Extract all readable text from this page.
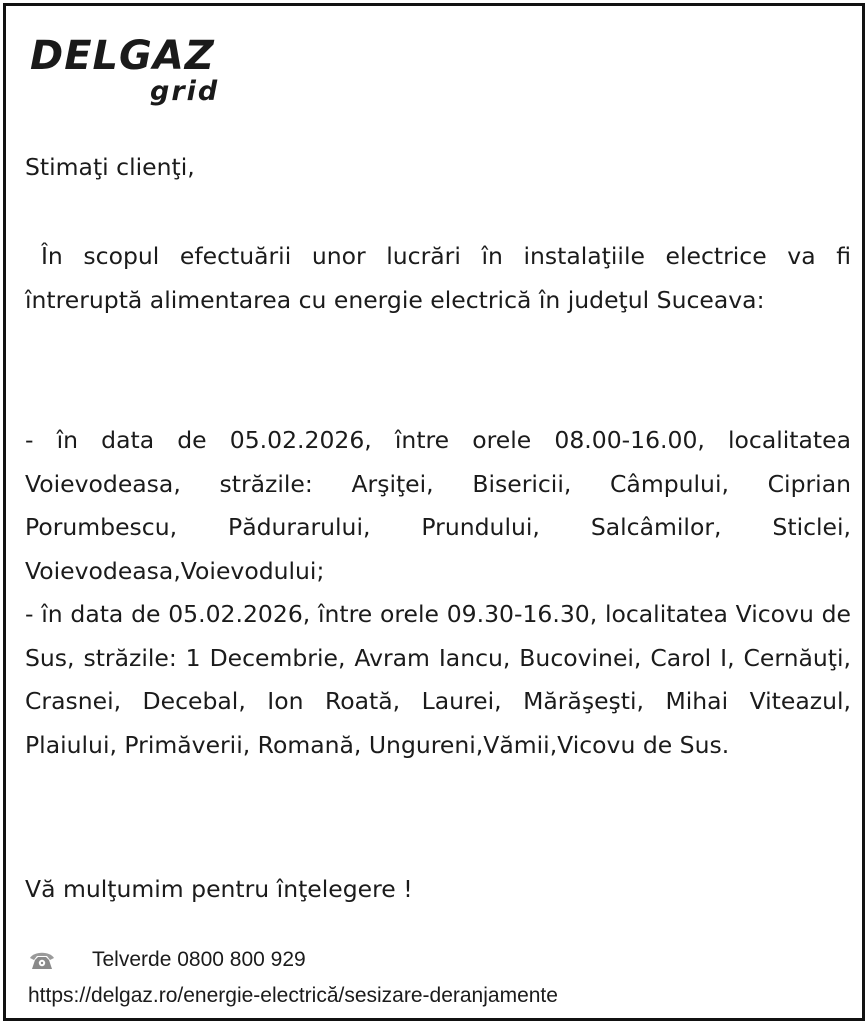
DELGAZ
grid
Stimaţi clienţi,
În scopul efectuării unor lucrări în instalaţiile electrice va fi întreruptă alimentarea cu energie electrică în judeţul Suceava:

- în data de 05.02.2026, între orele 08.00-16.00, localitatea Voievodeasa, străzile: Arşiţei, Bisericii, Câmpului, Ciprian Porumbescu, Pădurarului, Prundului, Salcâmilor, Sticlei, Voievodeasa,Voievodului;

- în data de 05.02.2026, între orele 09.30-16.30, localitatea Vicovu de Sus, străzile: 1 Decembrie, Avram Iancu, Bucovinei, Carol I, Cernăuţi, Crasnei, Decebal, Ion Roată, Laurei, Mărăşeşti, Mihai Viteazul, Plaiului, Primăverii, Romană, Ungureni,Vămii,Vicovu de Sus.

Vă mulţumim pentru înţelegere !
Telverde 0800 800 929
https://delgaz.ro/energie-electrică/sesizare-deranjamente
